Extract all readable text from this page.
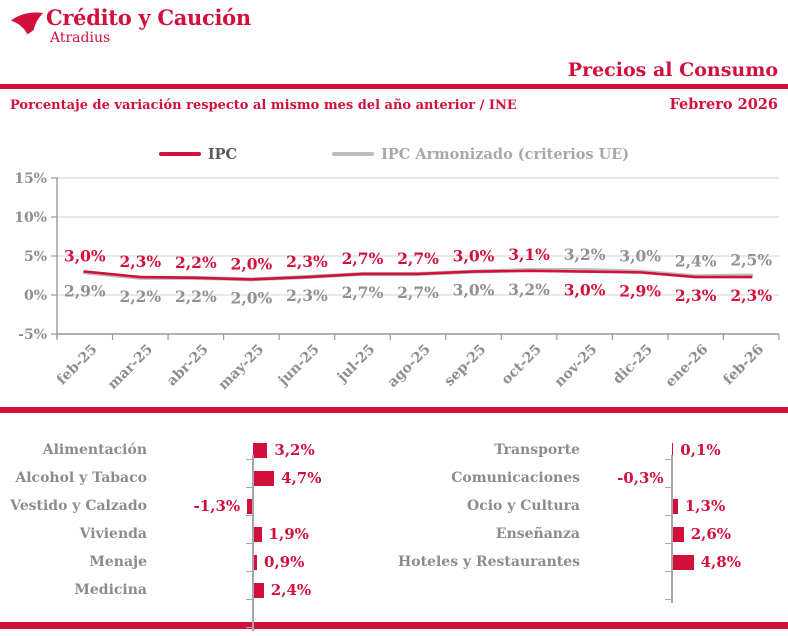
Crédito y Caución
Atradius
Precios al Consumo
Porcentaje de variación respecto al mismo mes del año anterior / INE	Febrero 2026
IPC	IPC Armonizado (criterios UE)
15%
10%
5%
0%
-5%
feb-25 mar-25 abr-25 may-25 jun-25 jul-25 ago-25 sep-25 oct-25 nov-25 dic-25 ene-26 feb-26
3,0%
2,9%
2,3%
2,2%
2,2%
2,2%
2,0%
2,0%
2,3%
2,3%
2,7%
2,7%
2,7%
2,7%
3,0%
3,0%
3,1%
3,2% 3,0%
3,2%
2,9%
3,0%
2,3%
2,4%
2,3%
2,5%
Alimentación	3,2%
Alcohol y Tabaco	4,7%
Vestido y Calzado	-1,3%
Vivienda	1,9%
Menaje	0,9%
Medicina	2,4%
Transporte	0,1%
Comunicaciones -0,3%
Ocio y Cultura	1,3%
Enseñanza	2,6%
Hoteles y Restaurantes	4,8%
